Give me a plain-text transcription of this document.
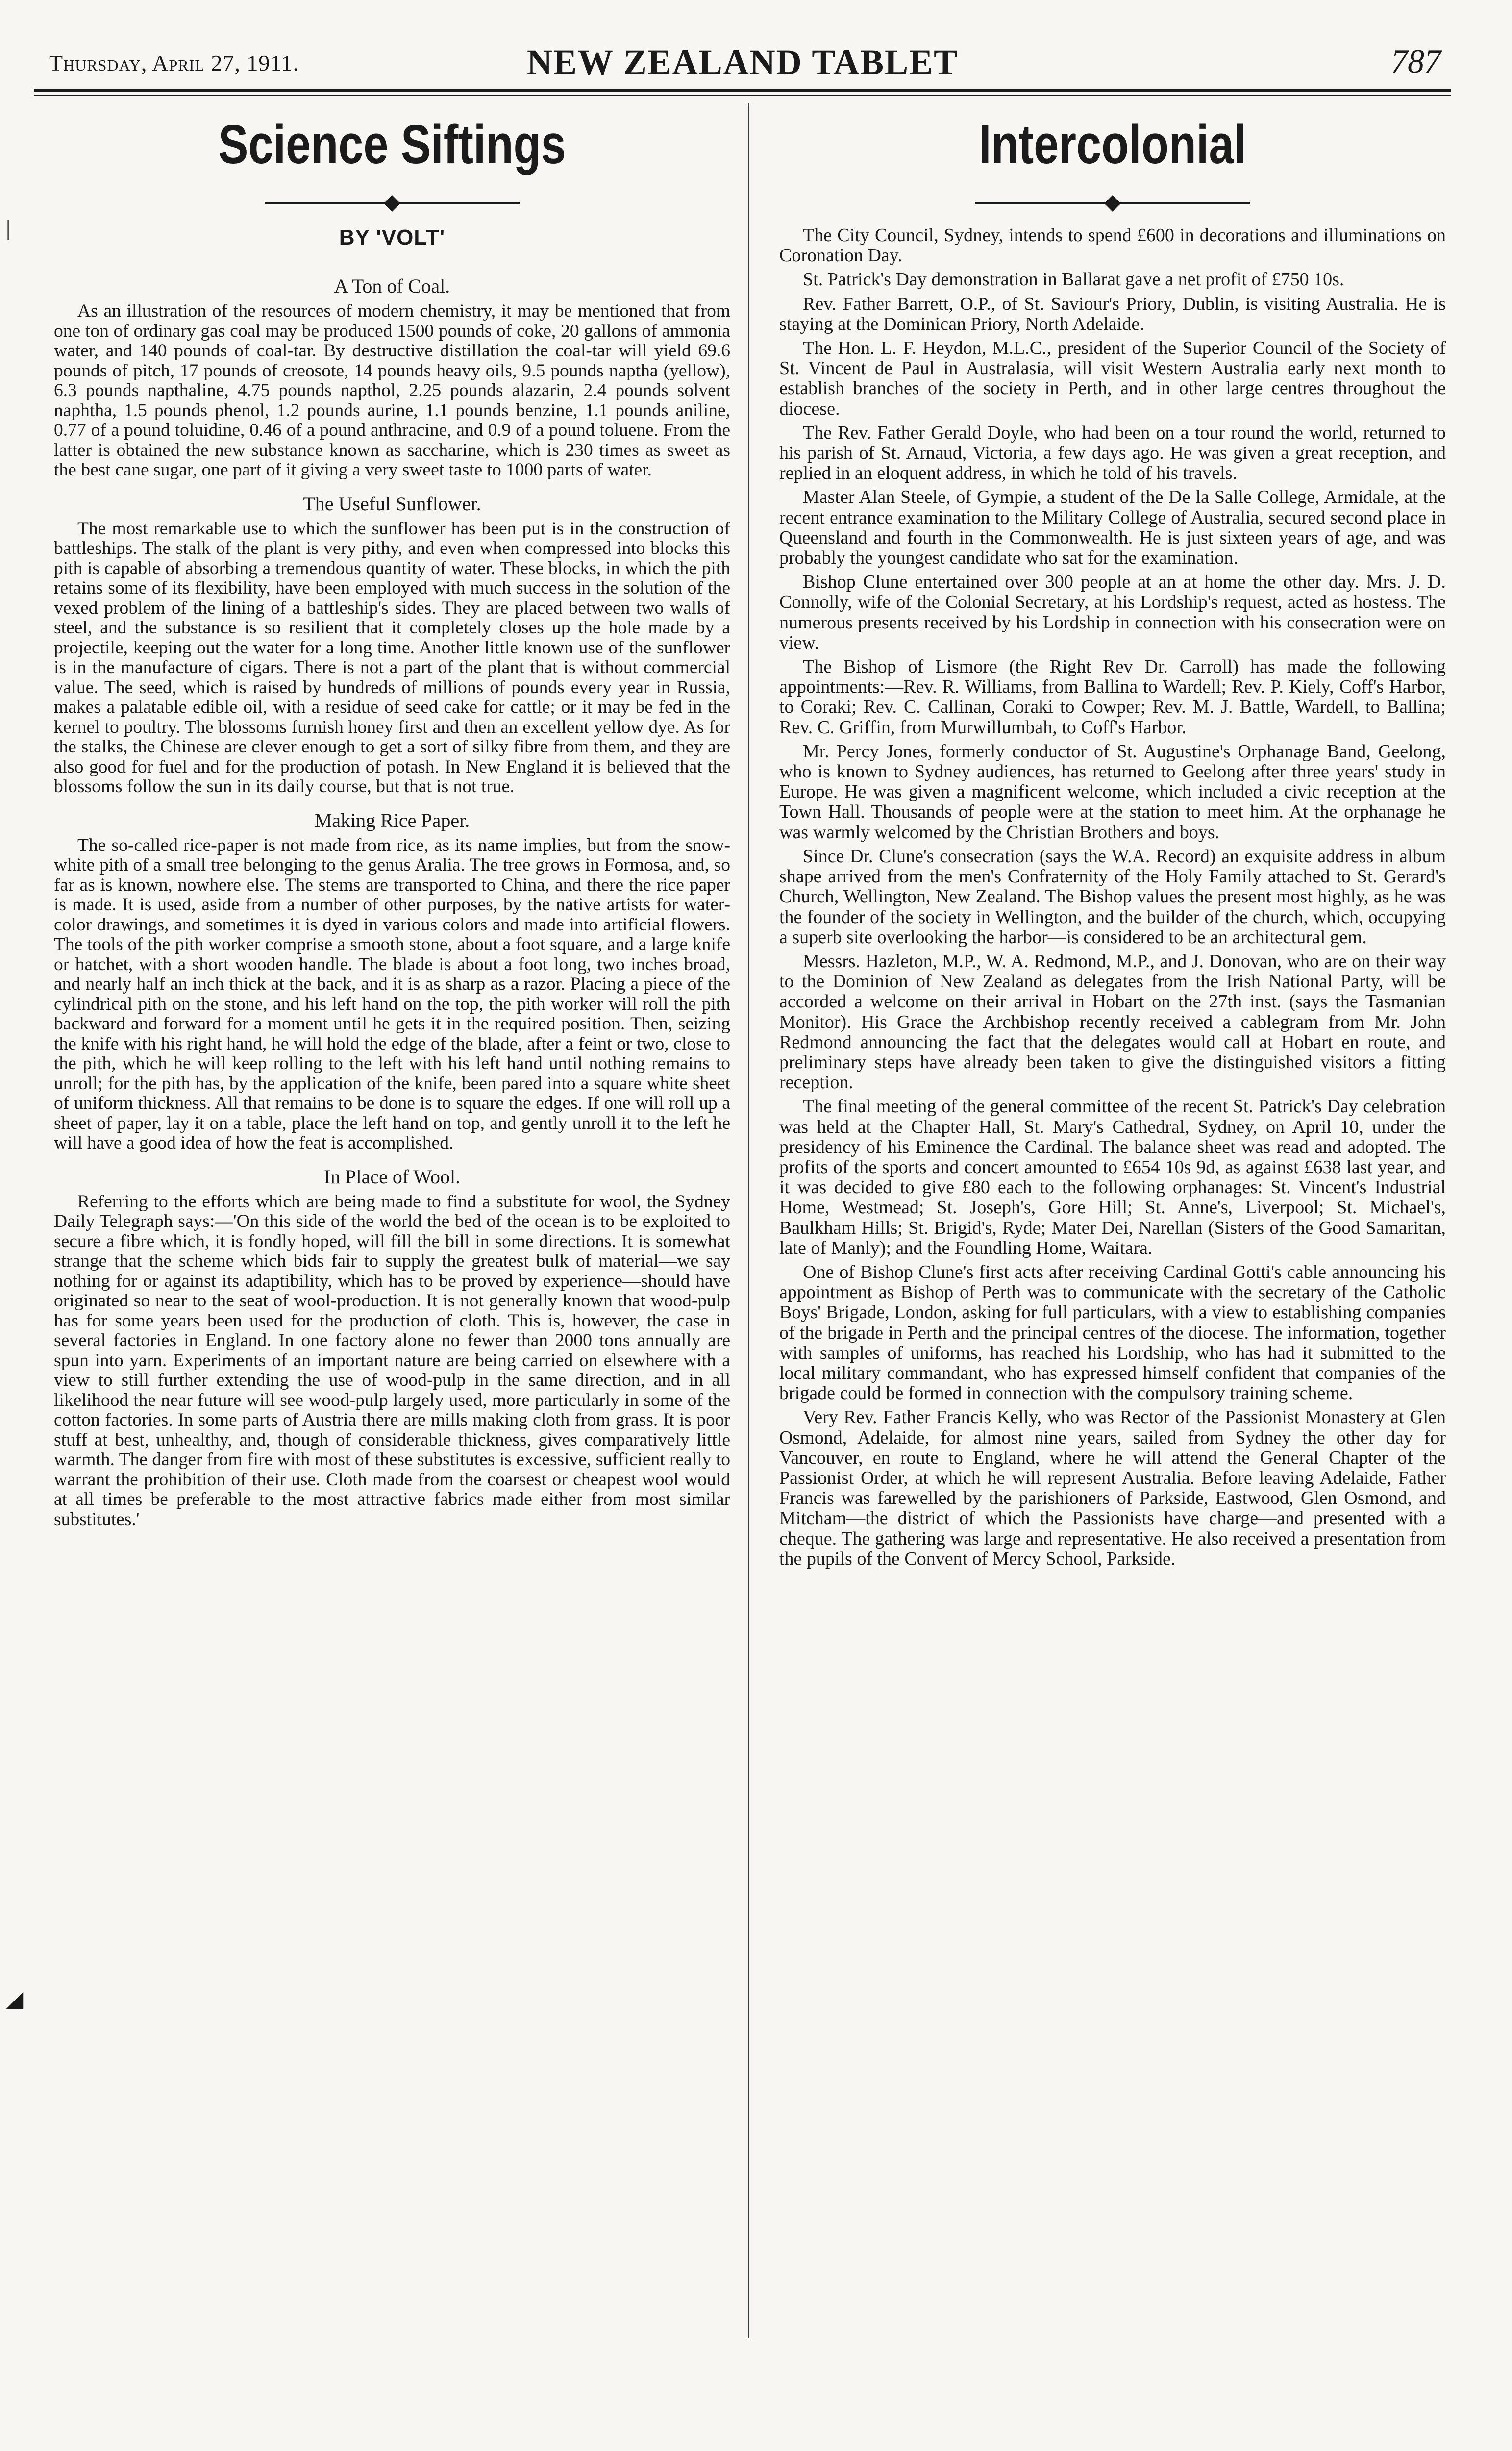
Thursday, April 27, 1911.	NEW ZEALAND TABLET	787
|
◢
Science Siftings
BY 'VOLT'
A Ton of Coal.

As an illustration of the resources of modern chemistry, it may be mentioned that from one ton of ordinary gas coal may be produced 1500 pounds of coke, 20 gallons of ammonia water, and 140 pounds of coal-tar. By destructive distillation the coal-tar will yield 69.6 pounds of pitch, 17 pounds of creosote, 14 pounds heavy oils, 9.5 pounds naptha (yellow), 6.3 pounds napthaline, 4.75 pounds napthol, 2.25 pounds alazarin, 2.4 pounds solvent naphtha, 1.5 pounds phenol, 1.2 pounds aurine, 1.1 pounds benzine, 1.1 pounds aniline, 0.77 of a pound toluidine, 0.46 of a pound anthracine, and 0.9 of a pound toluene. From the latter is obtained the new substance known as saccharine, which is 230 times as sweet as the best cane sugar, one part of it giving a very sweet taste to 1000 parts of water.

The Useful Sunflower.

The most remarkable use to which the sunflower has been put is in the construction of battleships. The stalk of the plant is very pithy, and even when compressed into blocks this pith is capable of absorbing a tremendous quantity of water. These blocks, in which the pith retains some of its flexibility, have been employed with much success in the solution of the vexed problem of the lining of a battleship's sides. They are placed between two walls of steel, and the substance is so resilient that it completely closes up the hole made by a projectile, keeping out the water for a long time. Another little known use of the sunflower is in the manufacture of cigars. There is not a part of the plant that is without commercial value. The seed, which is raised by hundreds of millions of pounds every year in Russia, makes a palatable edible oil, with a residue of seed cake for cattle; or it may be fed in the kernel to poultry. The blossoms furnish honey first and then an excellent yellow dye. As for the stalks, the Chinese are clever enough to get a sort of silky fibre from them, and they are also good for fuel and for the production of potash. In New England it is believed that the blossoms follow the sun in its daily course, but that is not true.

Making Rice Paper.

The so-called rice-paper is not made from rice, as its name implies, but from the snow-white pith of a small tree belonging to the genus Aralia. The tree grows in Formosa, and, so far as is known, nowhere else. The stems are transported to China, and there the rice paper is made. It is used, aside from a number of other purposes, by the native artists for water-color drawings, and sometimes it is dyed in various colors and made into artificial flowers. The tools of the pith worker comprise a smooth stone, about a foot square, and a large knife or hatchet, with a short wooden handle. The blade is about a foot long, two inches broad, and nearly half an inch thick at the back, and it is as sharp as a razor. Placing a piece of the cylindrical pith on the stone, and his left hand on the top, the pith worker will roll the pith backward and forward for a moment until he gets it in the required position. Then, seizing the knife with his right hand, he will hold the edge of the blade, after a feint or two, close to the pith, which he will keep rolling to the left with his left hand until nothing remains to unroll; for the pith has, by the application of the knife, been pared into a square white sheet of uniform thickness. All that remains to be done is to square the edges. If one will roll up a sheet of paper, lay it on a table, place the left hand on top, and gently unroll it to the left he will have a good idea of how the feat is accomplished.

In Place of Wool.

Referring to the efforts which are being made to find a substitute for wool, the Sydney Daily Telegraph says:—'On this side of the world the bed of the ocean is to be exploited to secure a fibre which, it is fondly hoped, will fill the bill in some directions. It is somewhat strange that the scheme which bids fair to supply the greatest bulk of material—we say nothing for or against its adaptibility, which has to be proved by experience—should have originated so near to the seat of wool-production. It is not generally known that wood-pulp has for some years been used for the production of cloth. This is, however, the case in several factories in England. In one factory alone no fewer than 2000 tons annually are spun into yarn. Experiments of an important nature are being carried on elsewhere with a view to still further extending the use of wood-pulp in the same direction, and in all likelihood the near future will see wood-pulp largely used, more particularly in some of the cotton factories. In some parts of Austria there are mills making cloth from grass. It is poor stuff at best, unhealthy, and, though of considerable thickness, gives comparatively little warmth. The danger from fire with most of these substitutes is excessive, sufficient really to warrant the prohibition of their use. Cloth made from the coarsest or cheapest wool would at all times be preferable to the most attractive fabrics made either from most similar substitutes.'

Intercolonial

The City Council, Sydney, intends to spend £600 in decorations and illuminations on Coronation Day.

St. Patrick's Day demonstration in Ballarat gave a net profit of £750 10s.

Rev. Father Barrett, O.P., of St. Saviour's Priory, Dublin, is visiting Australia. He is staying at the Dominican Priory, North Adelaide.

The Hon. L. F. Heydon, M.L.C., president of the Superior Council of the Society of St. Vincent de Paul in Australasia, will visit Western Australia early next month to establish branches of the society in Perth, and in other large centres throughout the diocese.

The Rev. Father Gerald Doyle, who had been on a tour round the world, returned to his parish of St. Arnaud, Victoria, a few days ago. He was given a great reception, and replied in an eloquent address, in which he told of his travels.

Master Alan Steele, of Gympie, a student of the De la Salle College, Armidale, at the recent entrance examination to the Military College of Australia, secured second place in Queensland and fourth in the Commonwealth. He is just sixteen years of age, and was probably the youngest candidate who sat for the examination.

Bishop Clune entertained over 300 people at an at home the other day. Mrs. J. D. Connolly, wife of the Colonial Secretary, at his Lordship's request, acted as hostess. The numerous presents received by his Lordship in connection with his consecration were on view.

The Bishop of Lismore (the Right Rev Dr. Carroll) has made the following appointments:—Rev. R. Williams, from Ballina to Wardell; Rev. P. Kiely, Coff's Harbor, to Coraki; Rev. C. Callinan, Coraki to Cowper; Rev. M. J. Battle, Wardell, to Ballina; Rev. C. Griffin, from Murwillumbah, to Coff's Harbor.

Mr. Percy Jones, formerly conductor of St. Augustine's Orphanage Band, Geelong, who is known to Sydney audiences, has returned to Geelong after three years' study in Europe. He was given a magnificent welcome, which included a civic reception at the Town Hall. Thousands of people were at the station to meet him. At the orphanage he was warmly welcomed by the Christian Brothers and boys.

Since Dr. Clune's consecration (says the W.A. Record) an exquisite address in album shape arrived from the men's Confraternity of the Holy Family attached to St. Gerard's Church, Wellington, New Zealand. The Bishop values the present most highly, as he was the founder of the society in Wellington, and the builder of the church, which, occupying a superb site overlooking the harbor—is considered to be an architectural gem.

Messrs. Hazleton, M.P., W. A. Redmond, M.P., and J. Donovan, who are on their way to the Dominion of New Zealand as delegates from the Irish National Party, will be accorded a welcome on their arrival in Hobart on the 27th inst. (says the Tasmanian Monitor). His Grace the Archbishop recently received a cablegram from Mr. John Redmond announcing the fact that the delegates would call at Hobart en route, and preliminary steps have already been taken to give the distinguished visitors a fitting reception.

The final meeting of the general committee of the recent St. Patrick's Day celebration was held at the Chapter Hall, St. Mary's Cathedral, Sydney, on April 10, under the presidency of his Eminence the Cardinal. The balance sheet was read and adopted. The profits of the sports and concert amounted to £654 10s 9d, as against £638 last year, and it was decided to give £80 each to the following orphanages: St. Vincent's Industrial Home, Westmead; St. Joseph's, Gore Hill; St. Anne's, Liverpool; St. Michael's, Baulkham Hills; St. Brigid's, Ryde; Mater Dei, Narellan (Sisters of the Good Samaritan, late of Manly); and the Foundling Home, Waitara.

One of Bishop Clune's first acts after receiving Cardinal Gotti's cable announcing his appointment as Bishop of Perth was to communicate with the secretary of the Catholic Boys' Brigade, London, asking for full particulars, with a view to establishing companies of the brigade in Perth and the principal centres of the diocese. The information, together with samples of uniforms, has reached his Lordship, who has had it submitted to the local military commandant, who has expressed himself confident that companies of the brigade could be formed in connection with the compulsory training scheme.

Very Rev. Father Francis Kelly, who was Rector of the Passionist Monastery at Glen Osmond, Adelaide, for almost nine years, sailed from Sydney the other day for Vancouver, en route to England, where he will attend the General Chapter of the Passionist Order, at which he will represent Australia. Before leaving Adelaide, Father Francis was farewelled by the parishioners of Parkside, Eastwood, Glen Osmond, and Mitcham—the district of which the Passionists have charge—and presented with a cheque. The gathering was large and representative. He also received a presentation from the pupils of the Convent of Mercy School, Parkside.
